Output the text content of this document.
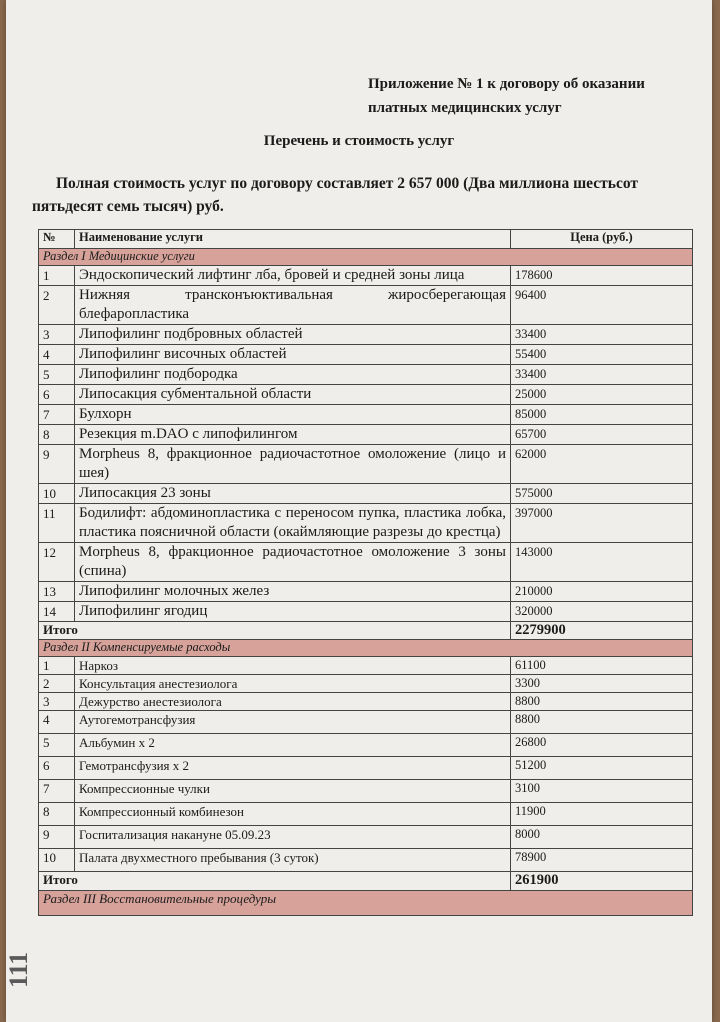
Приложение № 1 к договору об оказании
платных медицинских услуг
Перечень и стоимость услуг
Полная стоимость услуг по договору составляет 2 657 000 (Два миллиона шестьсот пятьдесят семь тысяч) руб.
№	Наименование услуги	Цена (руб.)
Раздел I Медицинские услуги		
1	Эндоскопический лифтинг лба, бровей и средней зоны лица	178600
2	Нижняя трансконъюктивальная жиросберегающая блефаропластика	96400
3	Липофилинг подбровных областей	33400
4	Липофилинг височных областей	55400
5	Липофилинг подбородка	33400
6	Липосакция субментальной области	25000
7	Булхорн	85000
8	Резекция m.DAO с липофилингом	65700
9	Morpheus 8, фракционное радиочастотное омоложение (лицо и шея)	62000
10	Липосакция 23 зоны	575000
11	Бодилифт: абдоминопластика с переносом пупка, пластика лобка, пластика поясничной области (окаймляющие разрезы до крестца)	397000
12	Morpheus 8, фракционное радиочастотное омоложение 3 зоны (спина)	143000
13	Липофилинг молочных желез	210000
14	Липофилинг ягодиц	320000
Итого		2279900
Раздел II Компенсируемые расходы		
1	Наркоз	61100
2	Консультация анестезиолога	3300
3	Дежурство анестезиолога	8800
4	Аутогемотрансфузия	8800
5	Альбумин х 2	26800
6	Гемотрансфузия х 2	51200
7	Компрессионные чулки	3100
8	Компрессионный комбинезон	11900
9	Госпитализация накануне 05.09.23	8000
10	Палата двухместного пребывания (3 суток)	78900
Итого		261900
Раздел III Восстановительные процедуры		
111
